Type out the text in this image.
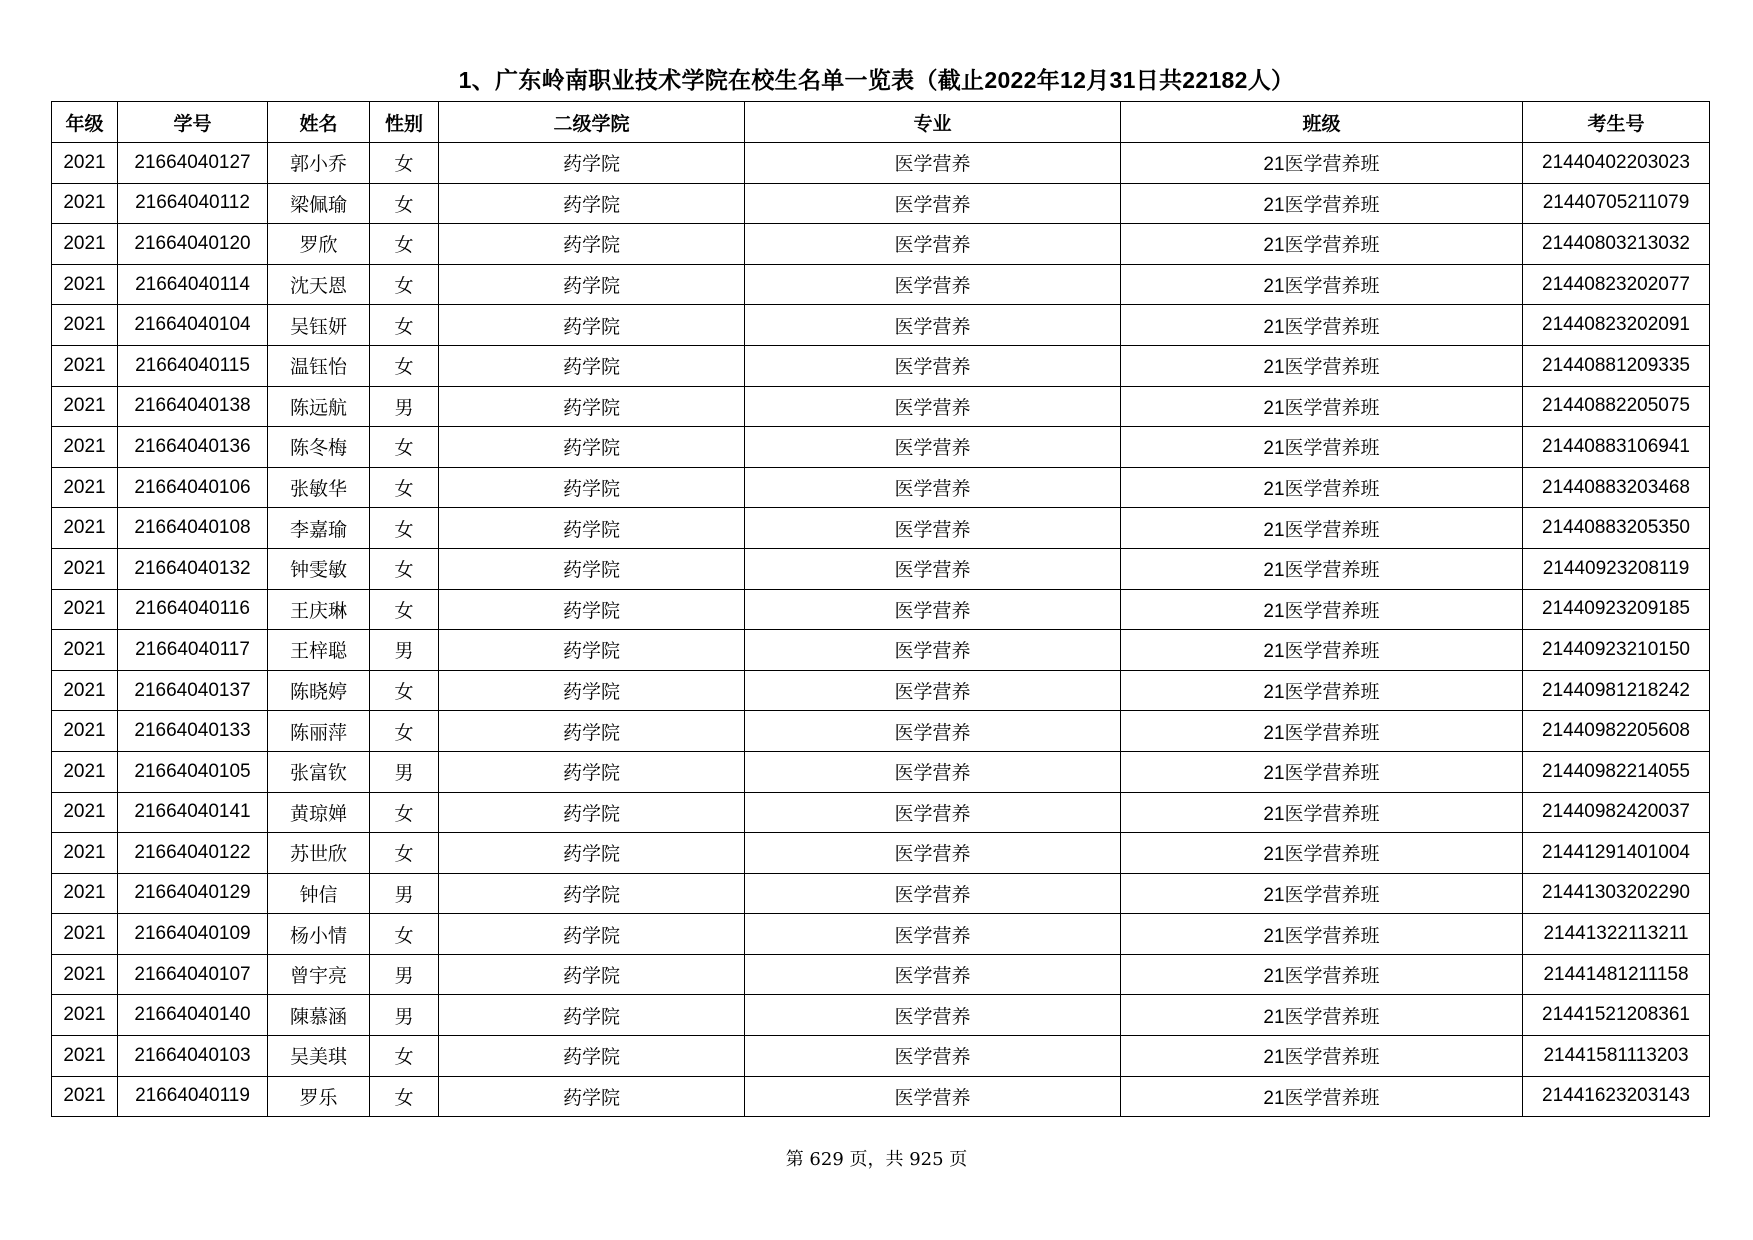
1、广东岭南职业技术学院在校生名单一览表（截止2022年12月31日共22182人）
年级	学号	姓名	性别	二级学院	专业	班级	考生号
2021	21664040127	郭小乔	女	药学院	医学营养	21医学营养班	21440402203023
2021	21664040112	梁佩瑜	女	药学院	医学营养	21医学营养班	21440705211079
2021	21664040120	罗欣	女	药学院	医学营养	21医学营养班	21440803213032
2021	21664040114	沈天恩	女	药学院	医学营养	21医学营养班	21440823202077
2021	21664040104	吴钰妍	女	药学院	医学营养	21医学营养班	21440823202091
2021	21664040115	温钰怡	女	药学院	医学营养	21医学营养班	21440881209335
2021	21664040138	陈远航	男	药学院	医学营养	21医学营养班	21440882205075
2021	21664040136	陈冬梅	女	药学院	医学营养	21医学营养班	21440883106941
2021	21664040106	张敏华	女	药学院	医学营养	21医学营养班	21440883203468
2021	21664040108	李嘉瑜	女	药学院	医学营养	21医学营养班	21440883205350
2021	21664040132	钟雯敏	女	药学院	医学营养	21医学营养班	21440923208119
2021	21664040116	王庆琳	女	药学院	医学营养	21医学营养班	21440923209185
2021	21664040117	王梓聪	男	药学院	医学营养	21医学营养班	21440923210150
2021	21664040137	陈晓婷	女	药学院	医学营养	21医学营养班	21440981218242
2021	21664040133	陈丽萍	女	药学院	医学营养	21医学营养班	21440982205608
2021	21664040105	张富钦	男	药学院	医学营养	21医学营养班	21440982214055
2021	21664040141	黄琼婵	女	药学院	医学营养	21医学营养班	21440982420037
2021	21664040122	苏世欣	女	药学院	医学营养	21医学营养班	21441291401004
2021	21664040129	钟信	男	药学院	医学营养	21医学营养班	21441303202290
2021	21664040109	杨小情	女	药学院	医学营养	21医学营养班	21441322113211
2021	21664040107	曾宇亮	男	药学院	医学营养	21医学营养班	21441481211158
2021	21664040140	陳慕涵	男	药学院	医学营养	21医学营养班	21441521208361
2021	21664040103	吴美琪	女	药学院	医学营养	21医学营养班	21441581113203
2021	21664040119	罗乐	女	药学院	医学营养	21医学营养班	21441623203143
第 629 页，共 925 页
